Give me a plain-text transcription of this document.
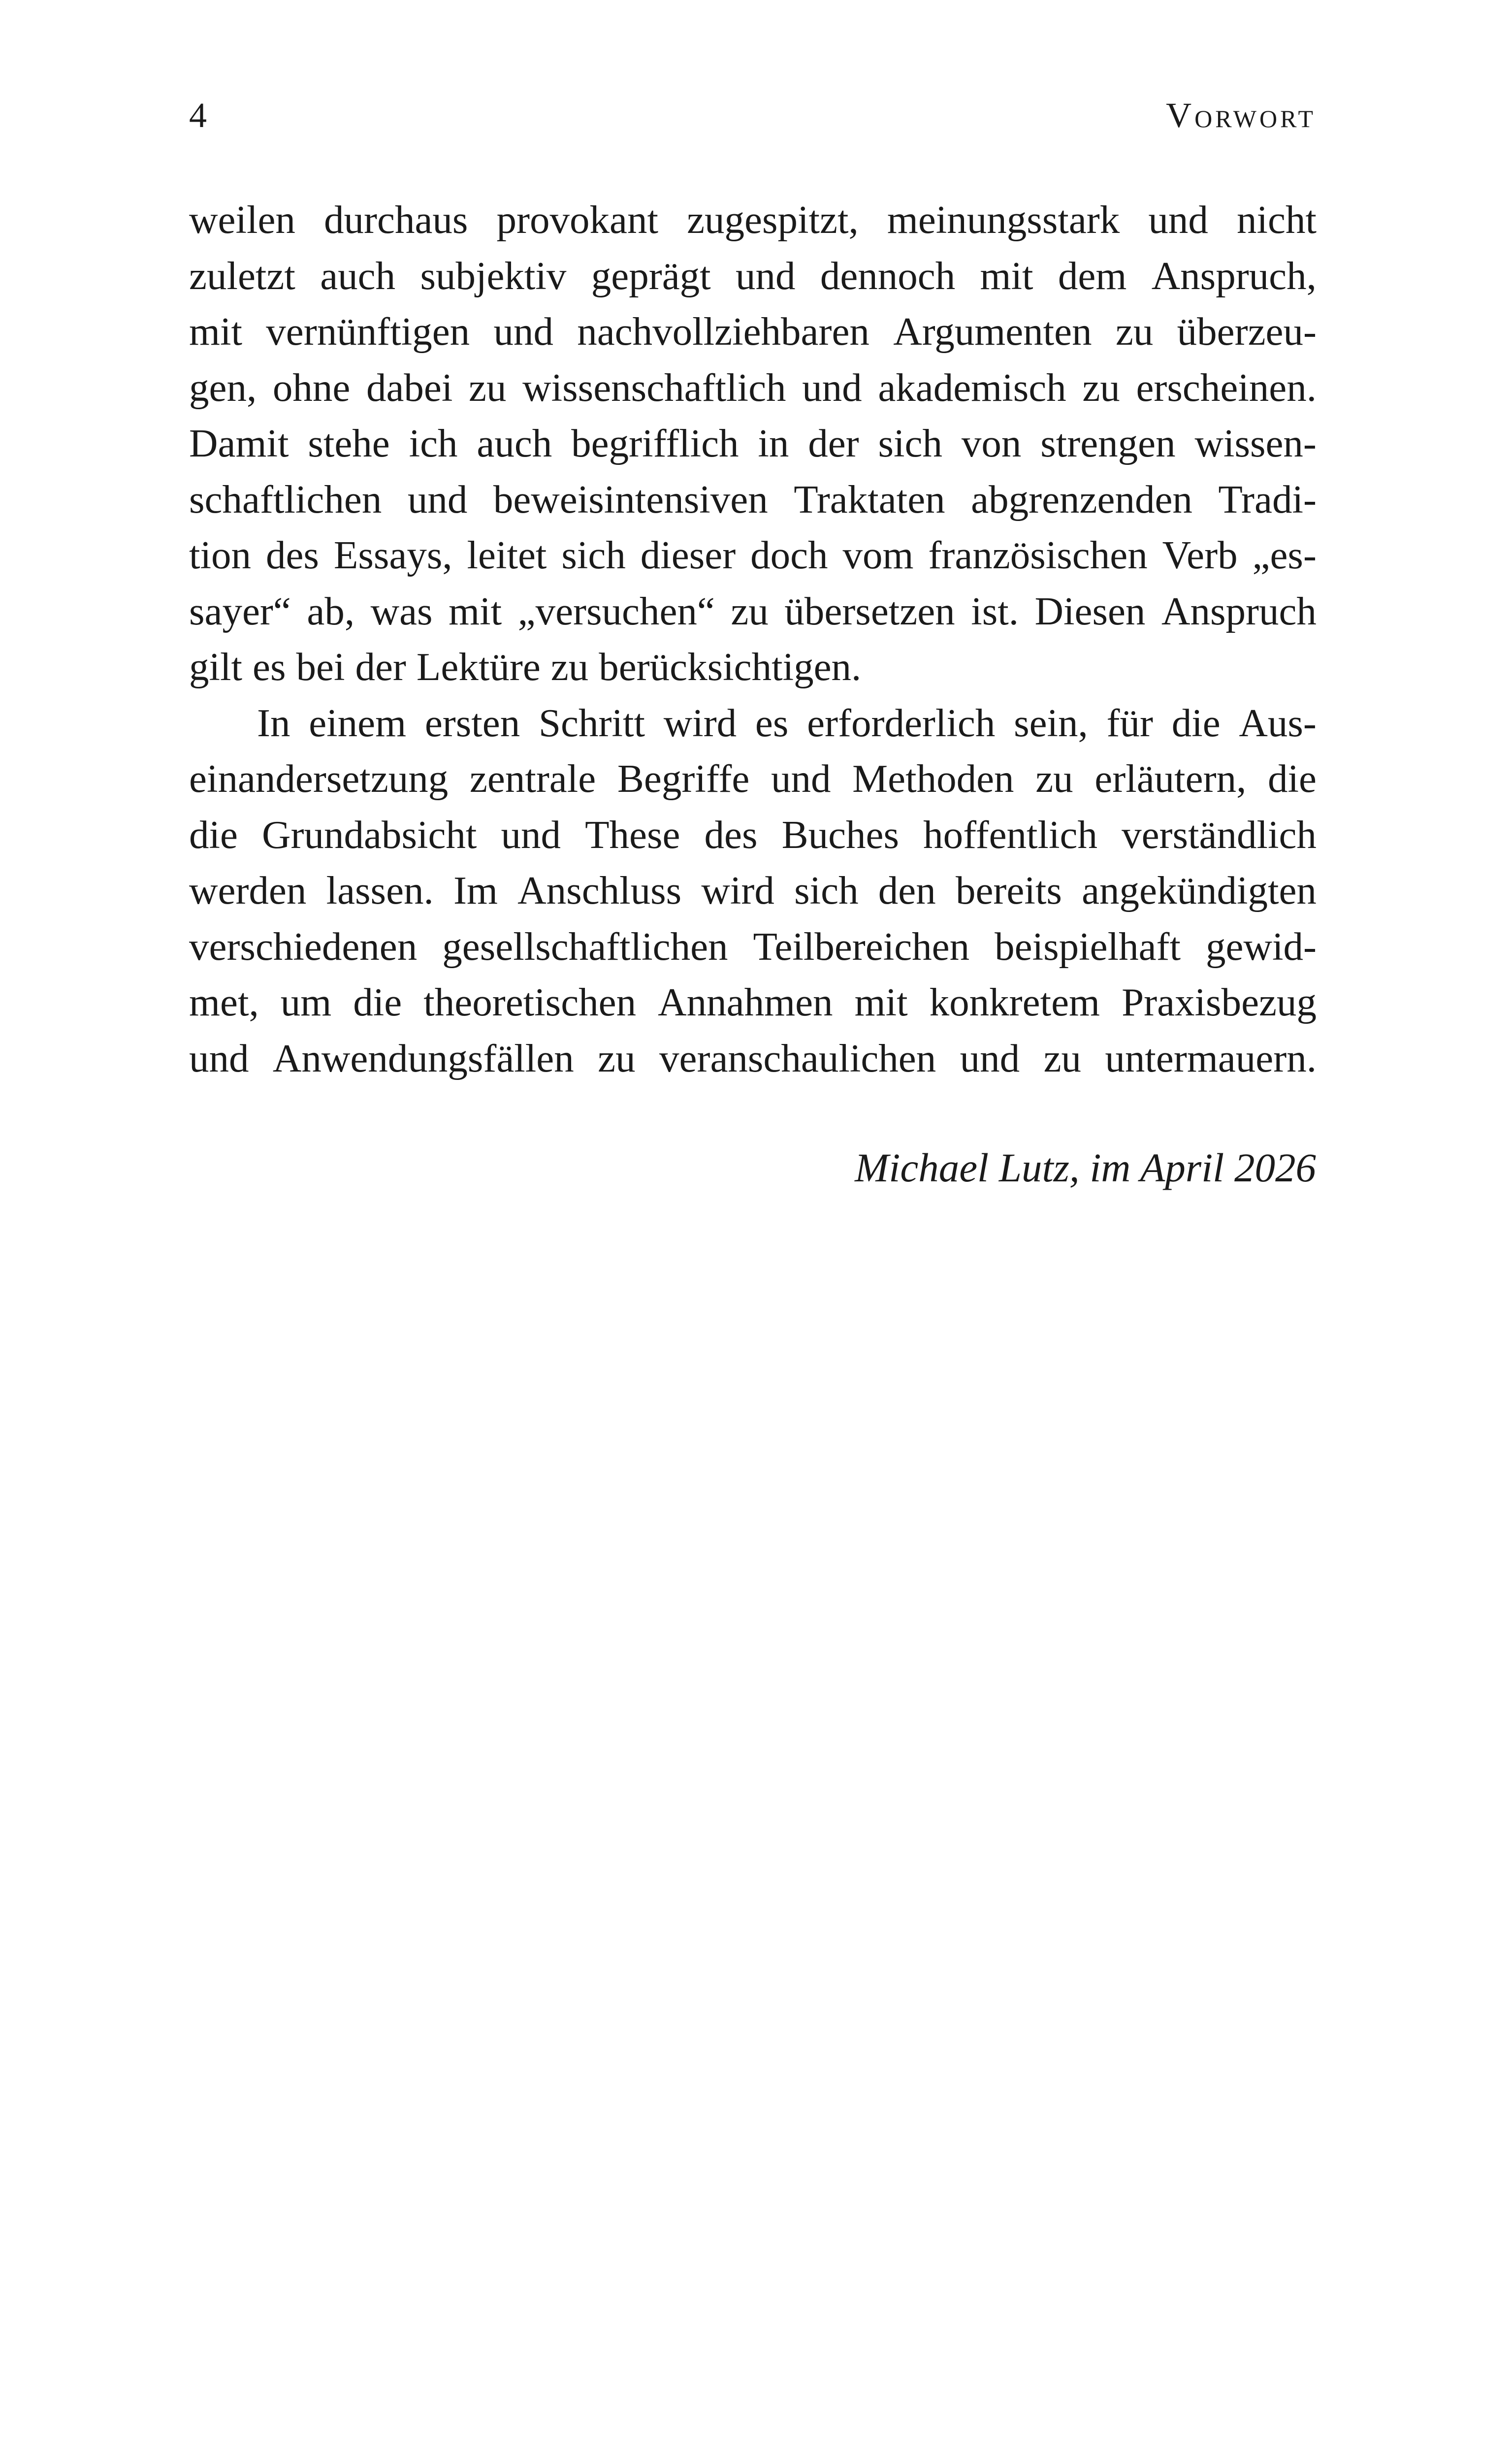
4	Vorwort
weilen durchaus provokant zugespitzt, meinungsstark und nicht
zuletzt auch subjektiv geprägt und dennoch mit dem Anspruch,
mit vernünftigen und nachvollziehbaren Argumenten zu überzeu-
gen, ohne dabei zu wissenschaftlich und akademisch zu erscheinen.
Damit stehe ich auch begrifflich in der sich von strengen wissen-
schaftlichen und beweisintensiven Traktaten abgrenzenden Tradi-
tion des Essays, leitet sich dieser doch vom französischen Verb „es-
sayer“ ab, was mit „versuchen“ zu übersetzen ist. Diesen Anspruch
gilt es bei der Lektüre zu berücksichtigen.
In einem ersten Schritt wird es erforderlich sein, für die Aus-
einandersetzung zentrale Begriffe und Methoden zu erläutern, die
die Grundabsicht und These des Buches hoffentlich verständlich
werden lassen. Im Anschluss wird sich den bereits angekündigten
verschiedenen gesellschaftlichen Teilbereichen beispielhaft gewid-
met, um die theoretischen Annahmen mit konkretem Praxisbezug
und Anwendungsfällen zu veranschaulichen und zu untermauern.
Michael Lutz, im April 2026
